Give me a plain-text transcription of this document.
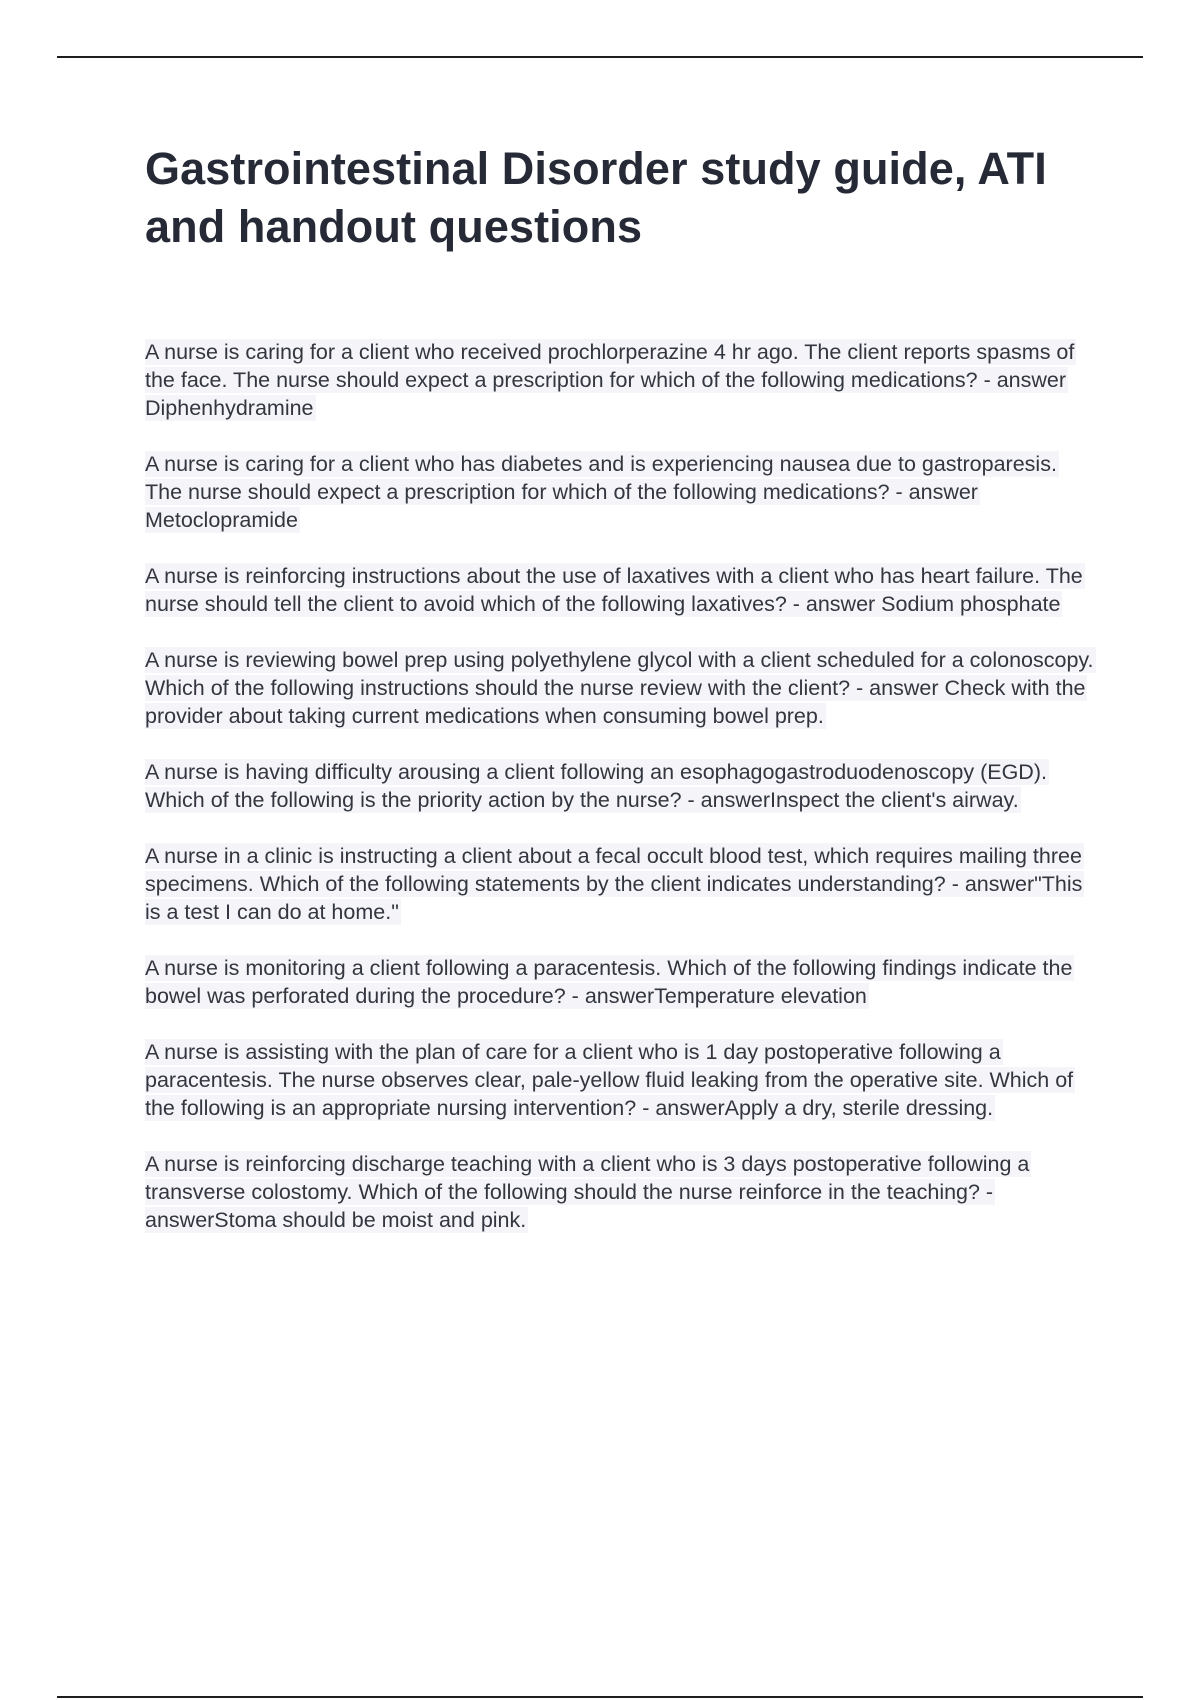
Gastrointestinal Disorder study guide, ATI and handout questions

A nurse is caring for a client who received prochlorperazine 4 hr ago. The client reports spasms of the face. The nurse should expect a prescription for which of the following medications? - answer Diphenhydramine

A nurse is caring for a client who has diabetes and is experiencing nausea due to gastroparesis. The nurse should expect a prescription for which of the following medications? - answer Metoclopramide

A nurse is reinforcing instructions about the use of laxatives with a client who has heart failure. The nurse should tell the client to avoid which of the following laxatives? - answer Sodium phosphate

A nurse is reviewing bowel prep using polyethylene glycol with a client scheduled for a colonoscopy. Which of the following instructions should the nurse review with the client? - answer Check with the provider about taking current medications when consuming bowel prep.

A nurse is having difficulty arousing a client following an esophagogastroduodenoscopy (EGD). Which of the following is the priority action by the nurse? - answerInspect the client's airway.

A nurse in a clinic is instructing a client about a fecal occult blood test, which requires mailing three specimens. Which of the following statements by the client indicates understanding? - answer"This is a test I can do at home."

A nurse is monitoring a client following a paracentesis. Which of the following findings indicate the bowel was perforated during the procedure? - answerTemperature elevation

A nurse is assisting with the plan of care for a client who is 1 day postoperative following a paracentesis. The nurse observes clear, pale-yellow fluid leaking from the operative site. Which of the following is an appropriate nursing intervention? - answerApply a dry, sterile dressing.

A nurse is reinforcing discharge teaching with a client who is 3 days postoperative following a transverse colostomy. Which of the following should the nurse reinforce in the teaching? - answerStoma should be moist and pink.
